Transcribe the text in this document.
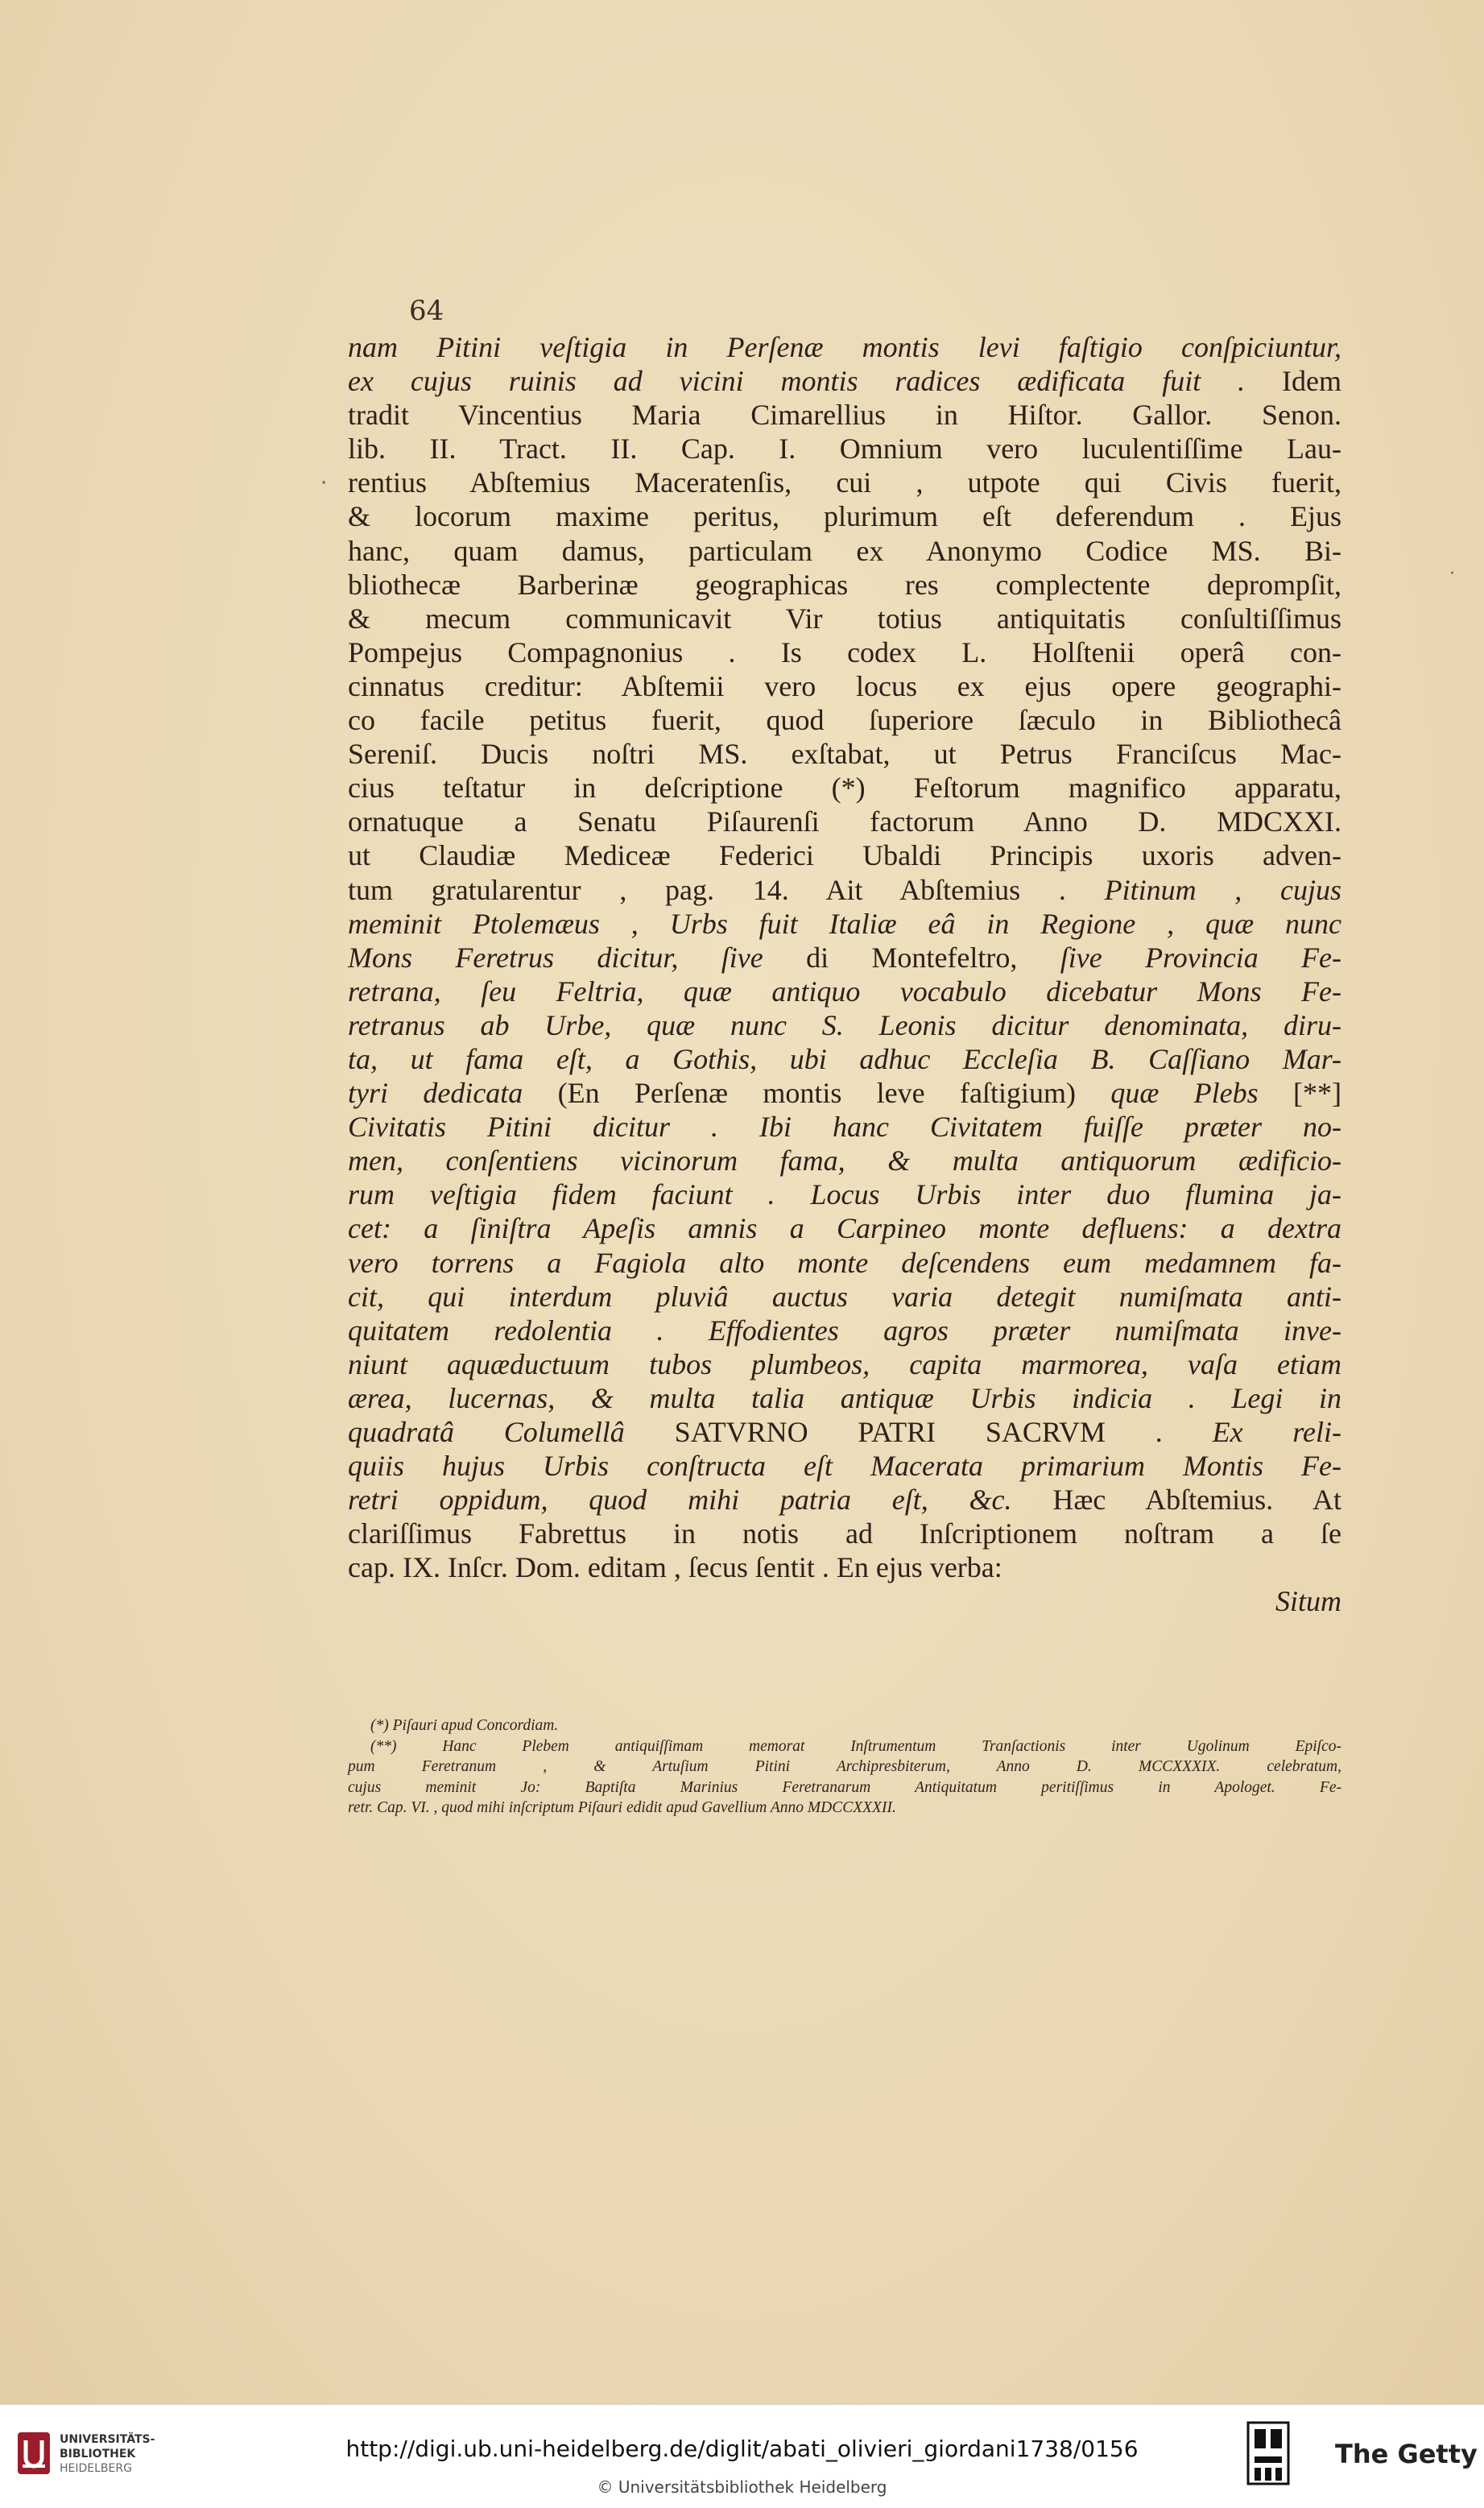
64
nam Pitini veſtigia in Perſenæ montis levi faſtigio conſpiciuntur,
ex cujus ruinis ad vicini montis radices ædificata fuit . Idem
tradit Vincentius Maria Cimarellius in Hiſtor. Gallor. Senon.
lib. II. Tract. II. Cap. I. Omnium vero luculentiſſime Lau-
rentius Abſtemius Maceratenſis, cui , utpote qui Civis fuerit,
& locorum maxime peritus, plurimum eſt deferendum . Ejus
hanc, quam damus, particulam ex Anonymo Codice MS. Bi-
bliothecæ Barberinæ geographicas res complectente deprompſit,
& mecum communicavit Vir totius antiquitatis conſultiſſimus
Pompejus Compagnonius . Is codex L. Holſtenii operâ con-
cinnatus creditur: Abſtemii vero locus ex ejus opere geographi-
co facile petitus fuerit, quod ſuperiore ſæculo in Bibliothecâ
Sereniſ. Ducis noſtri MS. exſtabat, ut Petrus Franciſcus Mac-
cius teſtatur in deſcriptione (*) Feſtorum magnifico apparatu,
ornatuque a Senatu Piſaurenſi factorum Anno D. MDCXXI.
ut Claudiæ Mediceæ Federici Ubaldi Principis uxoris adven-
tum gratularentur , pag. 14. Ait Abſtemius . Pitinum , cujus
meminit Ptolemæus , Urbs fuit Italiæ eâ in Regione , quæ nunc
Mons Feretrus dicitur, ſive di Montefeltro, ſive Provincia Fe-
retrana, ſeu Feltria, quæ antiquo vocabulo dicebatur Mons Fe-
retranus ab Urbe, quæ nunc S. Leonis dicitur denominata, diru-
ta, ut fama eſt, a Gothis, ubi adhuc Eccleſia B. Caſſiano Mar-
tyri dedicata (En Perſenæ montis leve faſtigium) quæ Plebs [**]
Civitatis Pitini dicitur . Ibi hanc Civitatem fuiſſe præter no-
men, conſentiens vicinorum fama, & multa antiquorum ædificio-
rum veſtigia fidem faciunt . Locus Urbis inter duo flumina ja-
cet: a ſiniſtra Apeſis amnis a Carpineo monte defluens: a dextra
vero torrens a Fagiola alto monte deſcendens eum medamnem fa-
cit, qui interdum pluviâ auctus varia detegit numiſmata anti-
quitatem redolentia . Effodientes agros præter numiſmata inve-
niunt aquæductuum tubos plumbeos, capita marmorea, vaſa etiam
ærea, lucernas, & multa talia antiquæ Urbis indicia . Legi in
quadratâ Columellâ SATVRNO PATRI SACRVM . Ex reli-
quiis hujus Urbis conſtructa eſt Macerata primarium Montis Fe-
retri oppidum, quod mihi patria eſt, &c. Hæc Abſtemius. At
clariſſimus Fabrettus in notis ad Inſcriptionem noſtram a ſe
cap. IX. Inſcr. Dom. editam , ſecus ſentit . En ejus verba:
Situm
(*) Piſauri apud Concordiam.
(**) Hanc Plebem antiquiſſimam memorat Inſtrumentum Tranſactionis inter Ugolinum Epiſco-
pum Feretranum , & Artuſium Pitini Archipresbiterum, Anno D. MCCXXXIX. celebratum,
cujus meminit Jo: Baptiſta Marinius Feretranarum Antiquitatum peritiſſimus in Apologet. Fe-
retr. Cap. VI. , quod mihi inſcriptum Piſauri edidit apud Gavellium Anno MDCCXXXII.
·
·
UNIVERSITÄTS-
BIBLIOTHEK
HEIDELBERG
http://digi.ub.uni-heidelberg.de/diglit/abati_olivieri_giordani1738/0156
© Universitätsbibliothek Heidelberg
The Getty
